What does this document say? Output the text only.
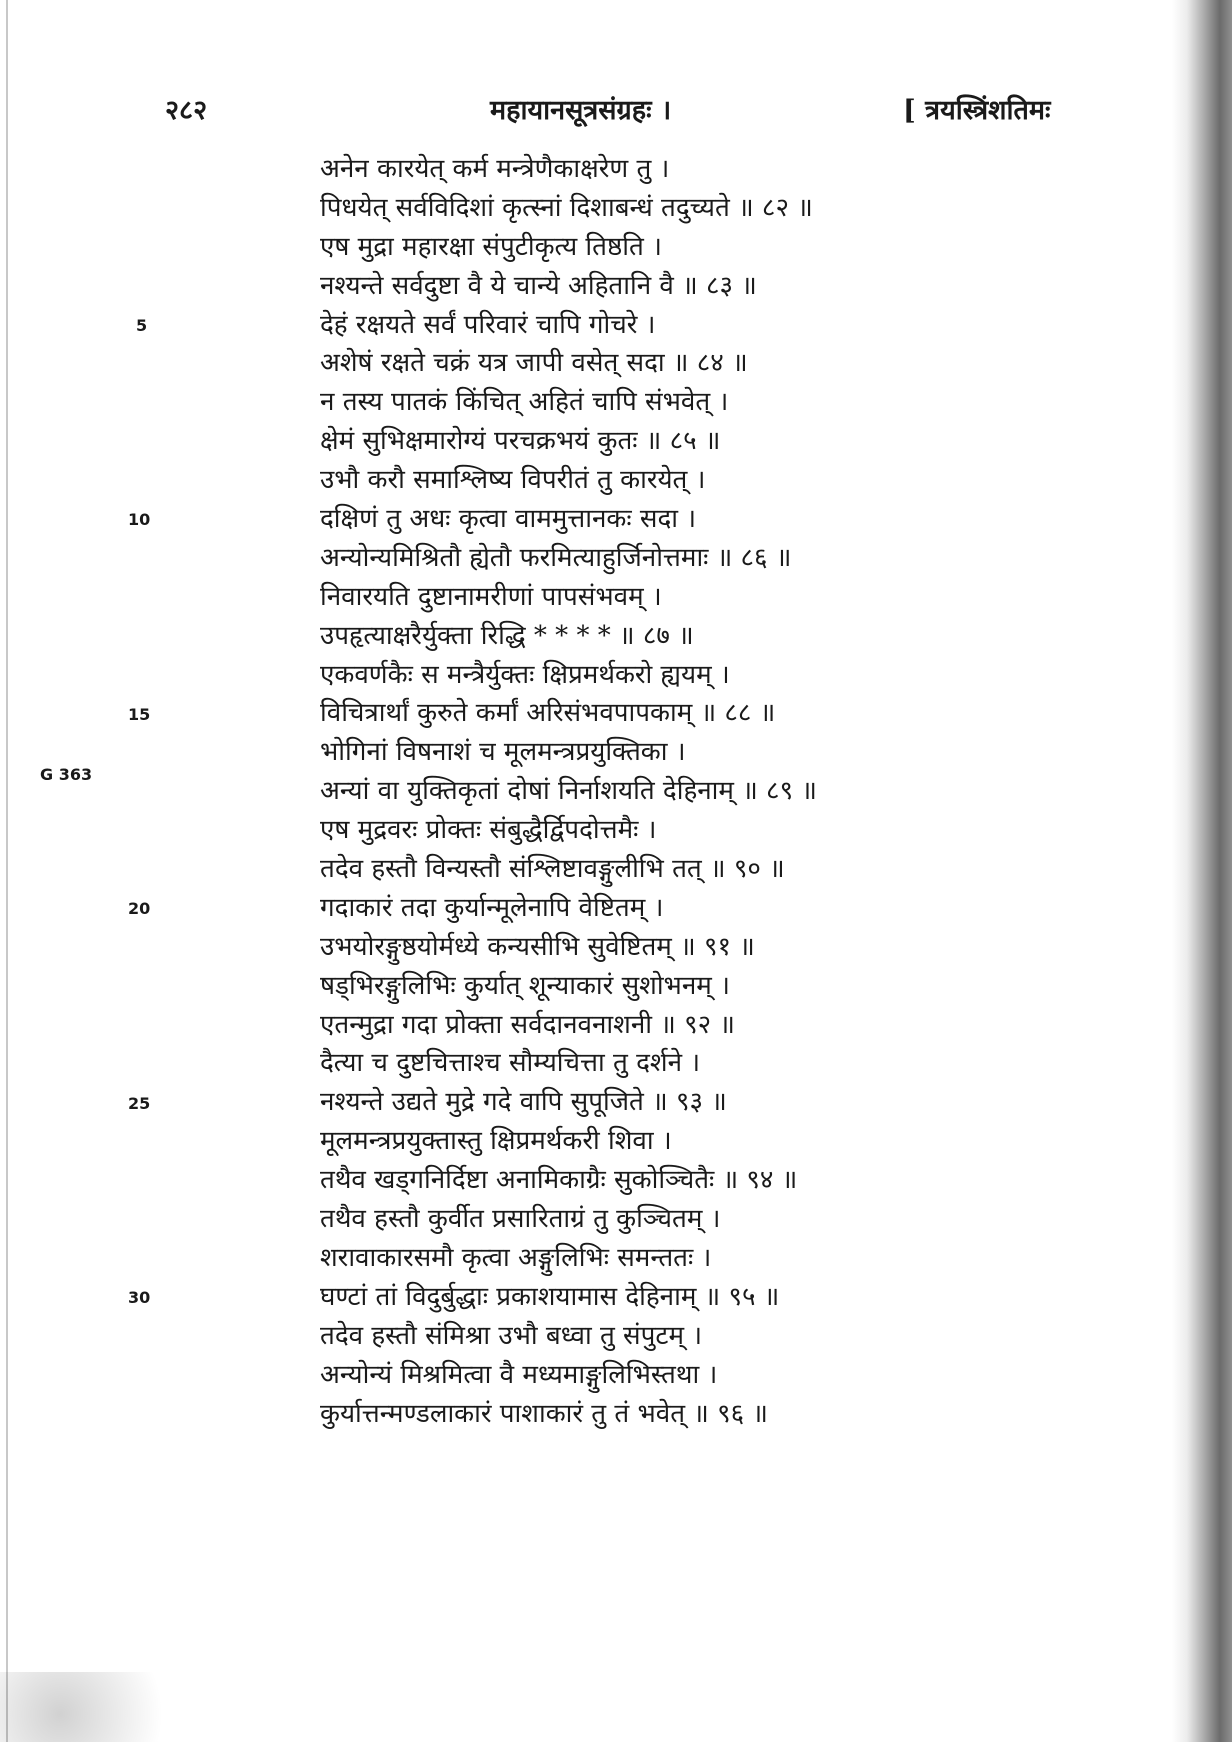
२८२	महायानसूत्रसंग्रहः ।	[ त्रयस्त्रिंशतिमः
G 363
5
10
15
20
25
30
अनेन कारयेत् कर्म मन्त्रेणैकाक्षरेण तु ।
पिधयेत् सर्वविदिशां कृत्स्नां दिशाबन्धं तदुच्यते ॥ ८२ ॥
एष मुद्रा महारक्षा संपुटीकृत्य तिष्ठति ।
नश्यन्ते सर्वदुष्टा वै ये चान्ये अहितानि वै ॥ ८३ ॥
देहं रक्षयते सर्वं परिवारं चापि गोचरे ।
अशेषं रक्षते चक्रं यत्र जापी वसेत् सदा ॥ ८४ ॥
न तस्य पातकं किंचित् अहितं चापि संभवेत् ।
क्षेमं सुभिक्षमारोग्यं परचक्रभयं कुतः ॥ ८५ ॥
उभौ करौ समाश्लिष्य विपरीतं तु कारयेत् ।
दक्षिणं तु अधः कृत्वा वाममुत्तानकः सदा ।
अन्योन्यमिश्रितौ ह्येतौ फरमित्याहुर्जिनोत्तमाः ॥ ८६ ॥
निवारयति दुष्टानामरीणां पापसंभवम् ।
उपहृत्याक्षरैर्युक्ता रिद्धि * * * * ॥ ८७ ॥
एकवर्णकैः स मन्त्रैर्युक्तः क्षिप्रमर्थकरो ह्ययम् ।
विचित्रार्थां कुरुते कर्मां अरिसंभवपापकाम् ॥ ८८ ॥
भोगिनां विषनाशं च मूलमन्त्रप्रयुक्तिका ।
अन्यां वा युक्तिकृतां दोषां निर्नाशयति देहिनाम् ॥ ८९ ॥
एष मुद्रवरः प्रोक्तः संबुद्धैर्द्विपदोत्तमैः ।
तदेव हस्तौ विन्यस्तौ संश्लिष्टावङ्गुलीभि तत् ॥ ९० ॥
गदाकारं तदा कुर्यान्मूलेनापि वेष्टितम् ।
उभयोरङ्गुष्ठयोर्मध्ये कन्यसीभि सुवेष्टितम् ॥ ९१ ॥
षड्भिरङ्गुलिभिः कुर्यात् शून्याकारं सुशोभनम् ।
एतन्मुद्रा गदा प्रोक्ता सर्वदानवनाशनी ॥ ९२ ॥
दैत्या च दुष्टचित्ताश्च सौम्यचित्ता तु दर्शने ।
नश्यन्ते उद्यते मुद्रे गदे वापि सुपूजिते ॥ ९३ ॥
मूलमन्त्रप्रयुक्तास्तु क्षिप्रमर्थकरी शिवा ।
तथैव खड्गनिर्दिष्टा अनामिकाग्रैः सुकोञ्चितैः ॥ ९४ ॥
तथैव हस्तौ कुर्वीत प्रसारिताग्रं तु कुञ्चितम् ।
शरावाकारसमौ कृत्वा अङ्गुलिभिः समन्ततः ।
घण्टां तां विदुर्बुद्धाः प्रकाशयामास देहिनाम् ॥ ९५ ॥
तदेव हस्तौ संमिश्रा उभौ बध्वा तु संपुटम् ।
अन्योन्यं मिश्रमित्वा वै मध्यमाङ्गुलिभिस्तथा ।
कुर्यात्तन्मण्डलाकारं पाशाकारं तु तं भवेत् ॥ ९६ ॥
